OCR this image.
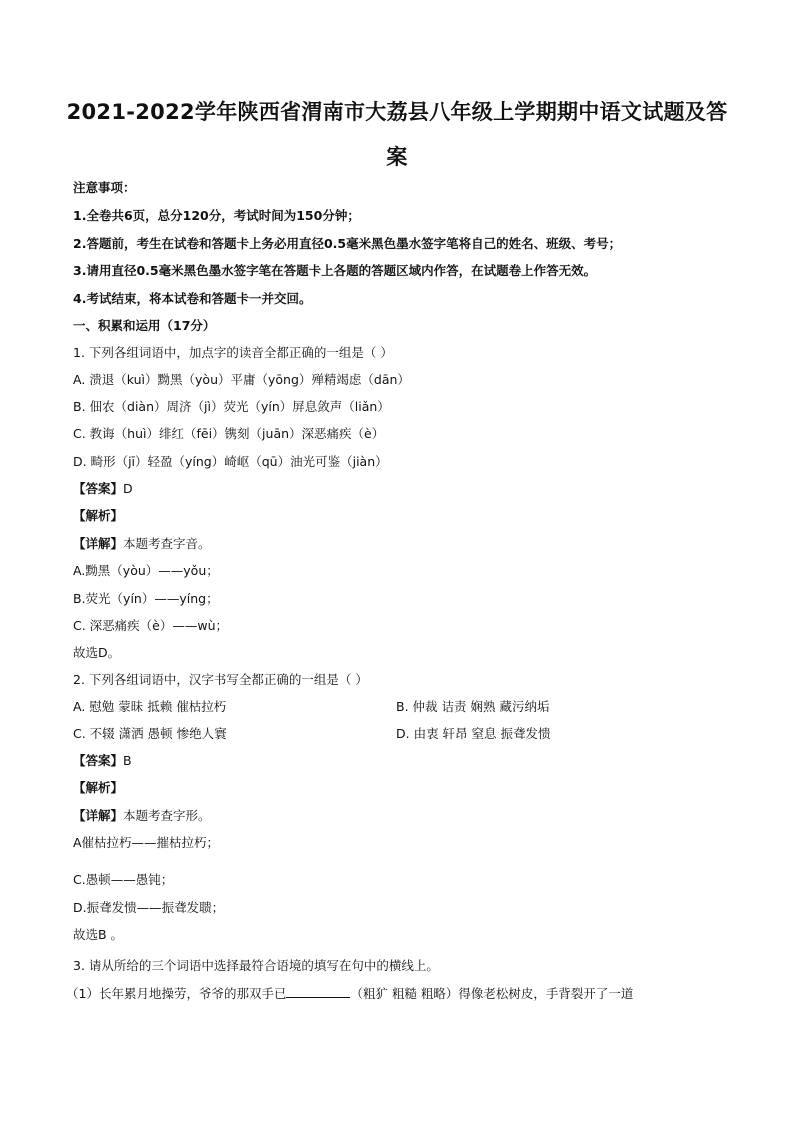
2021-2022学年陕西省渭南市大荔县八年级上学期期中语文试题及答
案
注意事项：
1.全卷共6页，总分120分，考试时间为150分钟；
2.答题前，考生在试卷和答题卡上务必用直径0.5毫米黑色墨水签字笔将自己的姓名、班级、考号；
3.请用直径0.5毫米黑色墨水签字笔在答题卡上各题的答题区域内作答，在试题卷上作答无效。
4.考试结束，将本试卷和答题卡一并交回。
一、积累和运用（17分）
1. 下列各组词语中，加点字的读音全都正确的一组是（ ）
A. 溃退（kuì）黝黑（yòu）平庸（yōng）殚精竭虑（dān）
B. 佃农（diàn）周济（jì）荧光（yín）屏息敛声（liǎn）
C. 教诲（huì）绯红（fēi）镌刻（juān）深恶痛疾（è）
D. 畸形（jī）轻盈（yíng）崎岖（qū）油光可鉴（jiàn）
【答案】D
【解析】
【详解】本题考查字音。
A.黝黑（yòu）——yǒu；
B.荧光（yín）——yíng；
C. 深恶痛疾（è）——wù；
故选D。
2. 下列各组词语中，汉字书写全都正确的一组是（ ）
A. 慰勉 蒙昧 抵赖 催枯拉朽	B. 仲裁 诘责 娴熟 藏污纳垢
C. 不辍 潇洒 愚顿 惨绝人寰	D. 由衷 轩昂 窒息 振聋发愦
【答案】B
【解析】
【详解】本题考查字形。
A催枯拉朽——摧枯拉朽；
C.愚顿——愚钝；
D.振聋发愦——振聋发聩；
故选B 。
3. 请从所给的三个词语中选择最符合语境的填写在句中的横线上。
（1）长年累月地操劳，爷爷的那双手已	（粗犷 粗糙 粗略）得像老松树皮，手背裂开了一道
